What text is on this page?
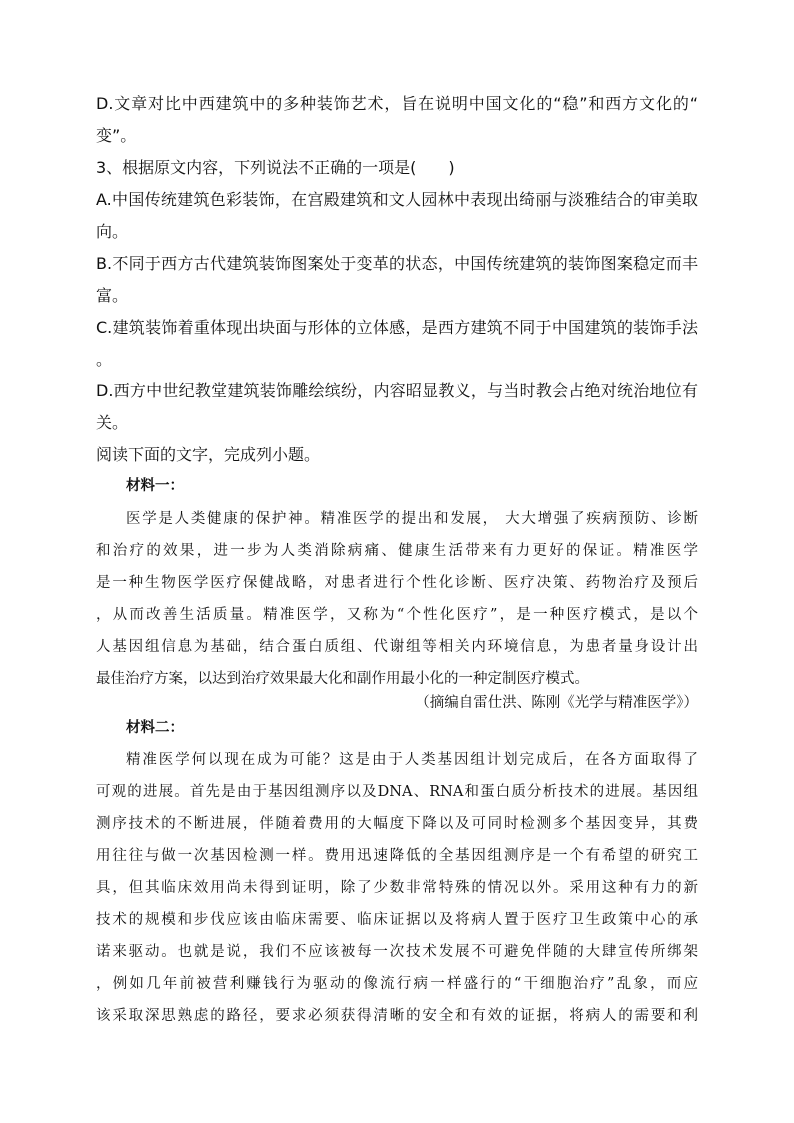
D.文章对比中西建筑中的多种装饰艺术，旨在说明中国文化的“稳”和西方文化的“
变”。
3、根据原文内容，下列说法不正确的一项是(　　)
A.中国传统建筑色彩装饰，在宫殿建筑和文人园林中表现出绮丽与淡雅结合的审美取
向。
B.不同于西方古代建筑装饰图案处于变革的状态，中国传统建筑的装饰图案稳定而丰
富。
C.建筑装饰着重体现出块面与形体的立体感，是西方建筑不同于中国建筑的装饰手法
。
D.西方中世纪教堂建筑装饰雕绘缤纷，内容昭显教义，与当时教会占绝对统治地位有
关。
阅读下面的文字，完成列小题。
材料一：
医学是人类健康的保护神。精准医学的提出和发展， 大大增强了疾病预防、诊断
和治疗的效果，进一步为人类消除病痛、健康生活带来有力更好的保证。精准医学
是一种生物医学医疗保健战略，对患者进行个性化诊断、医疗决策、药物治疗及预后
，从而改善生活质量。精准医学，又称为“个性化医疗”，是一种医疗模式，是以个
人基因组信息为基础，结合蛋白质组、代谢组等相关内环境信息，为患者量身设计出
最佳治疗方案，以达到治疗效果最大化和副作用最小化的一种定制医疗模式。
（摘编自雷仕洪、陈刚《光学与精准医学》）
材料二：
精准医学何以现在成为可能？这是由于人类基因组计划完成后，在各方面取得了
可观的进展。首先是由于基因组测序以及DNA、RNA和蛋白质分析技术的进展。基因组
测序技术的不断进展，伴随着费用的大幅度下降以及可同时检测多个基因变异，其费
用往往与做一次基因检测一样。费用迅速降低的全基因组测序是一个有希望的研究工
具，但其临床效用尚未得到证明，除了少数非常特殊的情况以外。采用这种有力的新
技术的规模和步伐应该由临床需要、临床证据以及将病人置于医疗卫生政策中心的承
诺来驱动。也就是说，我们不应该被每一次技术发展不可避免伴随的大肆宣传所绑架
，例如几年前被营利赚钱行为驱动的像流行病一样盛行的“干细胞治疗”乱象，而应
该采取深思熟虑的路径，要求必须获得清晰的安全和有效的证据，将病人的需要和利
